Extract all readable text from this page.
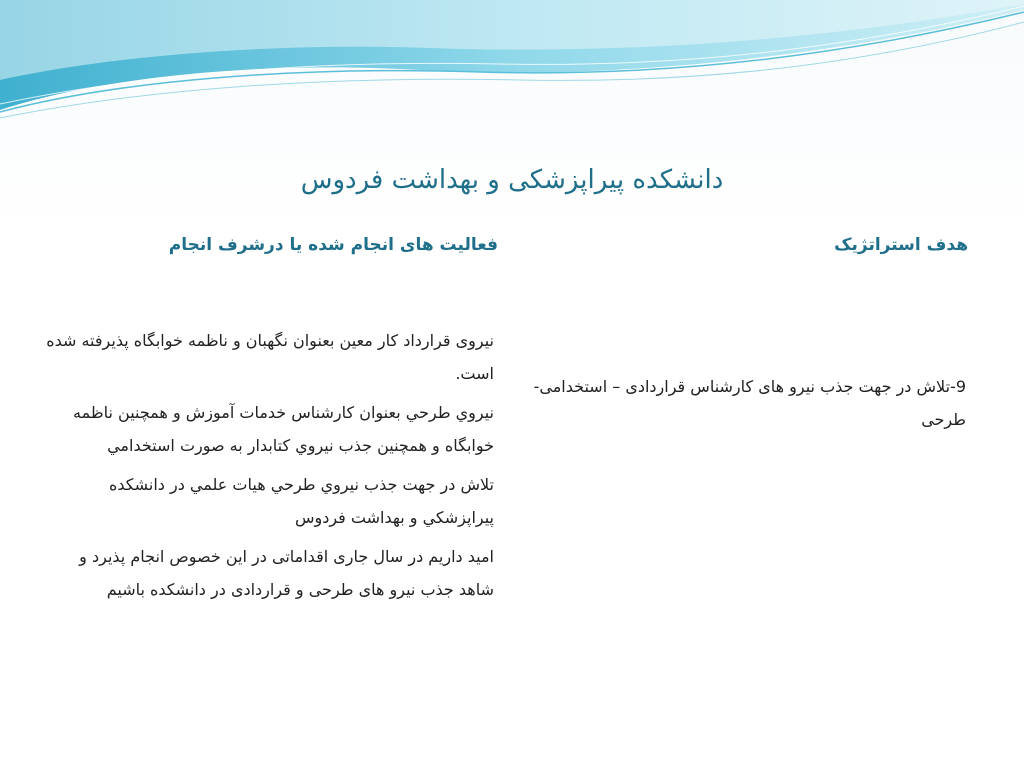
دانشکده پیراپزشکی و بهداشت فردوس
هدف استراتژیک
فعالیت های انجام شده یا درشرف انجام
9-تلاش در جهت جذب نیرو های کارشناس قراردادی – استخدامی- طرحی

نیروی قرارداد کار معین بعنوان نگهبان و ناظمه خوابگاه پذیرفته شده است.

نيروي طرحي بعنوان كارشناس خدمات آموزش و همچنین ناظمه خوابگاه و همچنين جذب نيروي كتابدار به صورت استخدامي

تلاش در جهت جذب نيروي طرحي هيات علمي در دانشكده پيراپزشكي و بهداشت فردوس

امید داریم در سال جاری اقداماتی در این خصوص انجام پذیرد و شاهد جذب نیرو های طرحی و قراردادی در دانشکده باشیم
